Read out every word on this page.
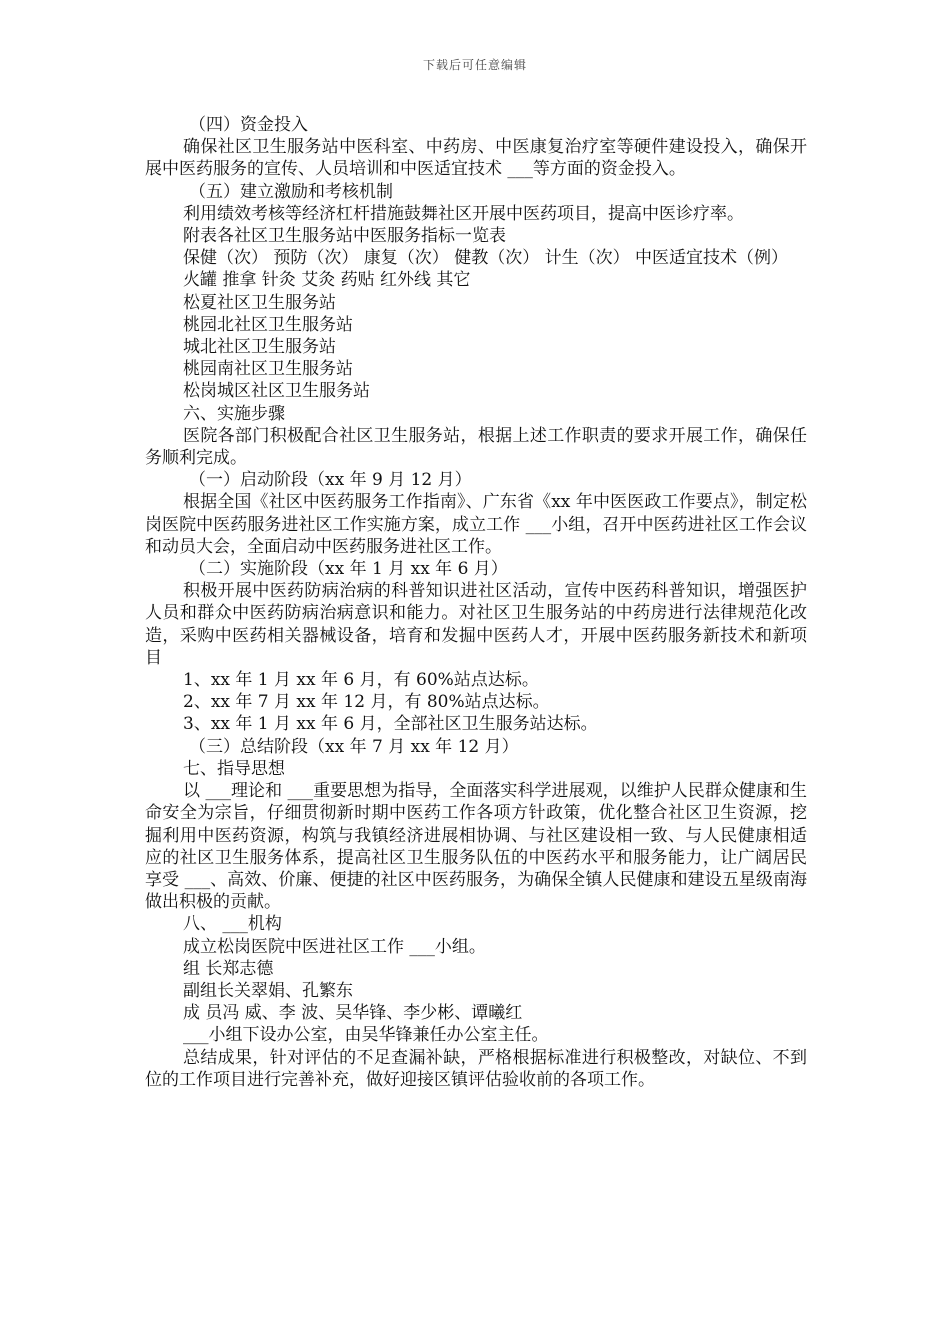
下载后可任意编辑

（四）资金投入

确保社区卫生服务站中医科室、中药房、中医康复治疗室等硬件建设投入，确保开展中医药服务的宣传、人员培训和中医适宜技术 ___等方面的资金投入。

（五）建立激励和考核机制

利用绩效考核等经济杠杆措施鼓舞社区开展中医药项目，提高中医诊疗率。

附表各社区卫生服务站中医服务指标一览表

保健（次） 预防（次） 康复（次） 健教（次） 计生（次） 中医适宜技术（例）

火罐 推拿 针灸 艾灸 药贴 红外线 其它

松夏社区卫生服务站

桃园北社区卫生服务站

城北社区卫生服务站

桃园南社区卫生服务站

松岗城区社区卫生服务站

六、实施步骤

医院各部门积极配合社区卫生服务站，根据上述工作职责的要求开展工作，确保任务顺利完成。

（一）启动阶段（xx 年 9 月 12 月）

根据全国《社区中医药服务工作指南》、广东省《xx 年中医医政工作要点》，制定松岗医院中医药服务进社区工作实施方案，成立工作 ___小组，召开中医药进社区工作会议和动员大会，全面启动中医药服务进社区工作。

（二）实施阶段（xx 年 1 月 xx 年 6 月）

积极开展中医药防病治病的科普知识进社区活动，宣传中医药科普知识，增强医护人员和群众中医药防病治病意识和能力。对社区卫生服务站的中药房进行法律规范化改造，采购中医药相关器械设备，培育和发掘中医药人才，开展中医药服务新技术和新项目

1、xx 年 1 月 xx 年 6 月，有 60%站点达标。

2、xx 年 7 月 xx 年 12 月，有 80%站点达标。

3、xx 年 1 月 xx 年 6 月，全部社区卫生服务站达标。

（三）总结阶段（xx 年 7 月 xx 年 12 月）

七、指导思想

以 ___理论和 ___重要思想为指导，全面落实科学进展观，以维护人民群众健康和生命安全为宗旨，仔细贯彻新时期中医药工作各项方针政策，优化整合社区卫生资源，挖掘利用中医药资源，构筑与我镇经济进展相协调、与社区建设相一致、与人民健康相适应的社区卫生服务体系，提高社区卫生服务队伍的中医药水平和服务能力，让广阔居民享受 ___、高效、价廉、便捷的社区中医药服务，为确保全镇人民健康和建设五星级南海做出积极的贡献。

八、 ___机构

成立松岗医院中医进社区工作 ___小组。

组 长郑志德

副组长关翠娟、孔繁东

成 员冯 威、李 波、吴华锋、李少彬、谭曦红

___小组下设办公室，由吴华锋兼任办公室主任。

总结成果，针对评估的不足查漏补缺，严格根据标准进行积极整改，对缺位、不到位的工作项目进行完善补充，做好迎接区镇评估验收前的各项工作。
